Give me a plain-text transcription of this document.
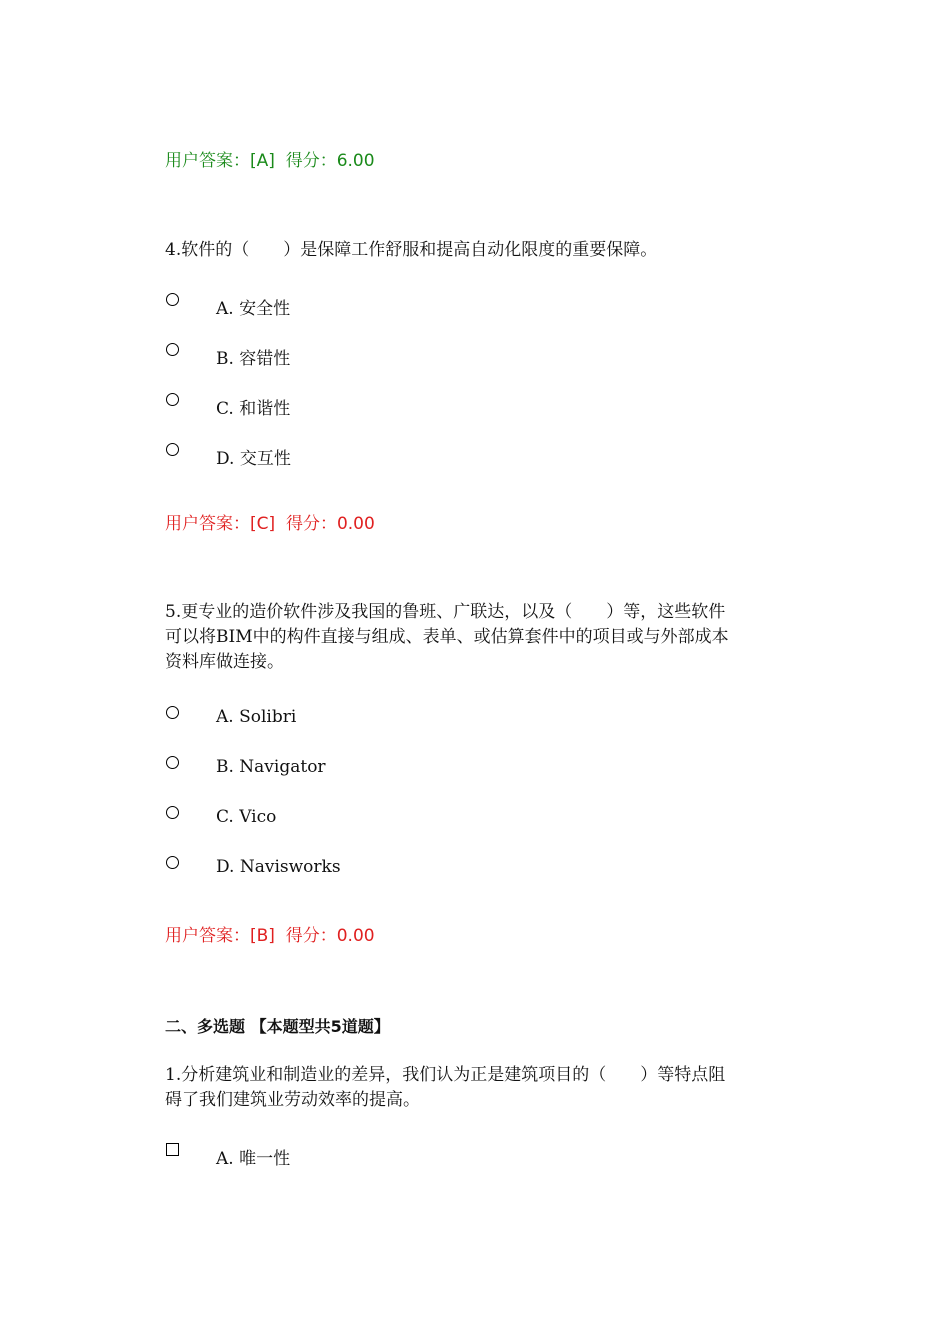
用户答案：[A]  得分：6.00
4.软件的（　　）是保障工作舒服和提高自动化限度的重要保障。
A. 安全性
B. 容错性
C. 和谐性
D. 交互性
用户答案：[C]  得分：0.00
5.更专业的造价软件涉及我国的鲁班、广联达，以及（　　）等，这些软件
可以将BIM中的构件直接与组成、表单、或估算套件中的项目或与外部成本
资料库做连接。
A. Solibri
B. Navigator
C. Vico
D. Navisworks
用户答案：[B]  得分：0.00
二、多选题 【本题型共5道题】
1.分析建筑业和制造业的差异，我们认为正是建筑项目的（　　）等特点阻
碍了我们建筑业劳动效率的提高。
A. 唯一性
